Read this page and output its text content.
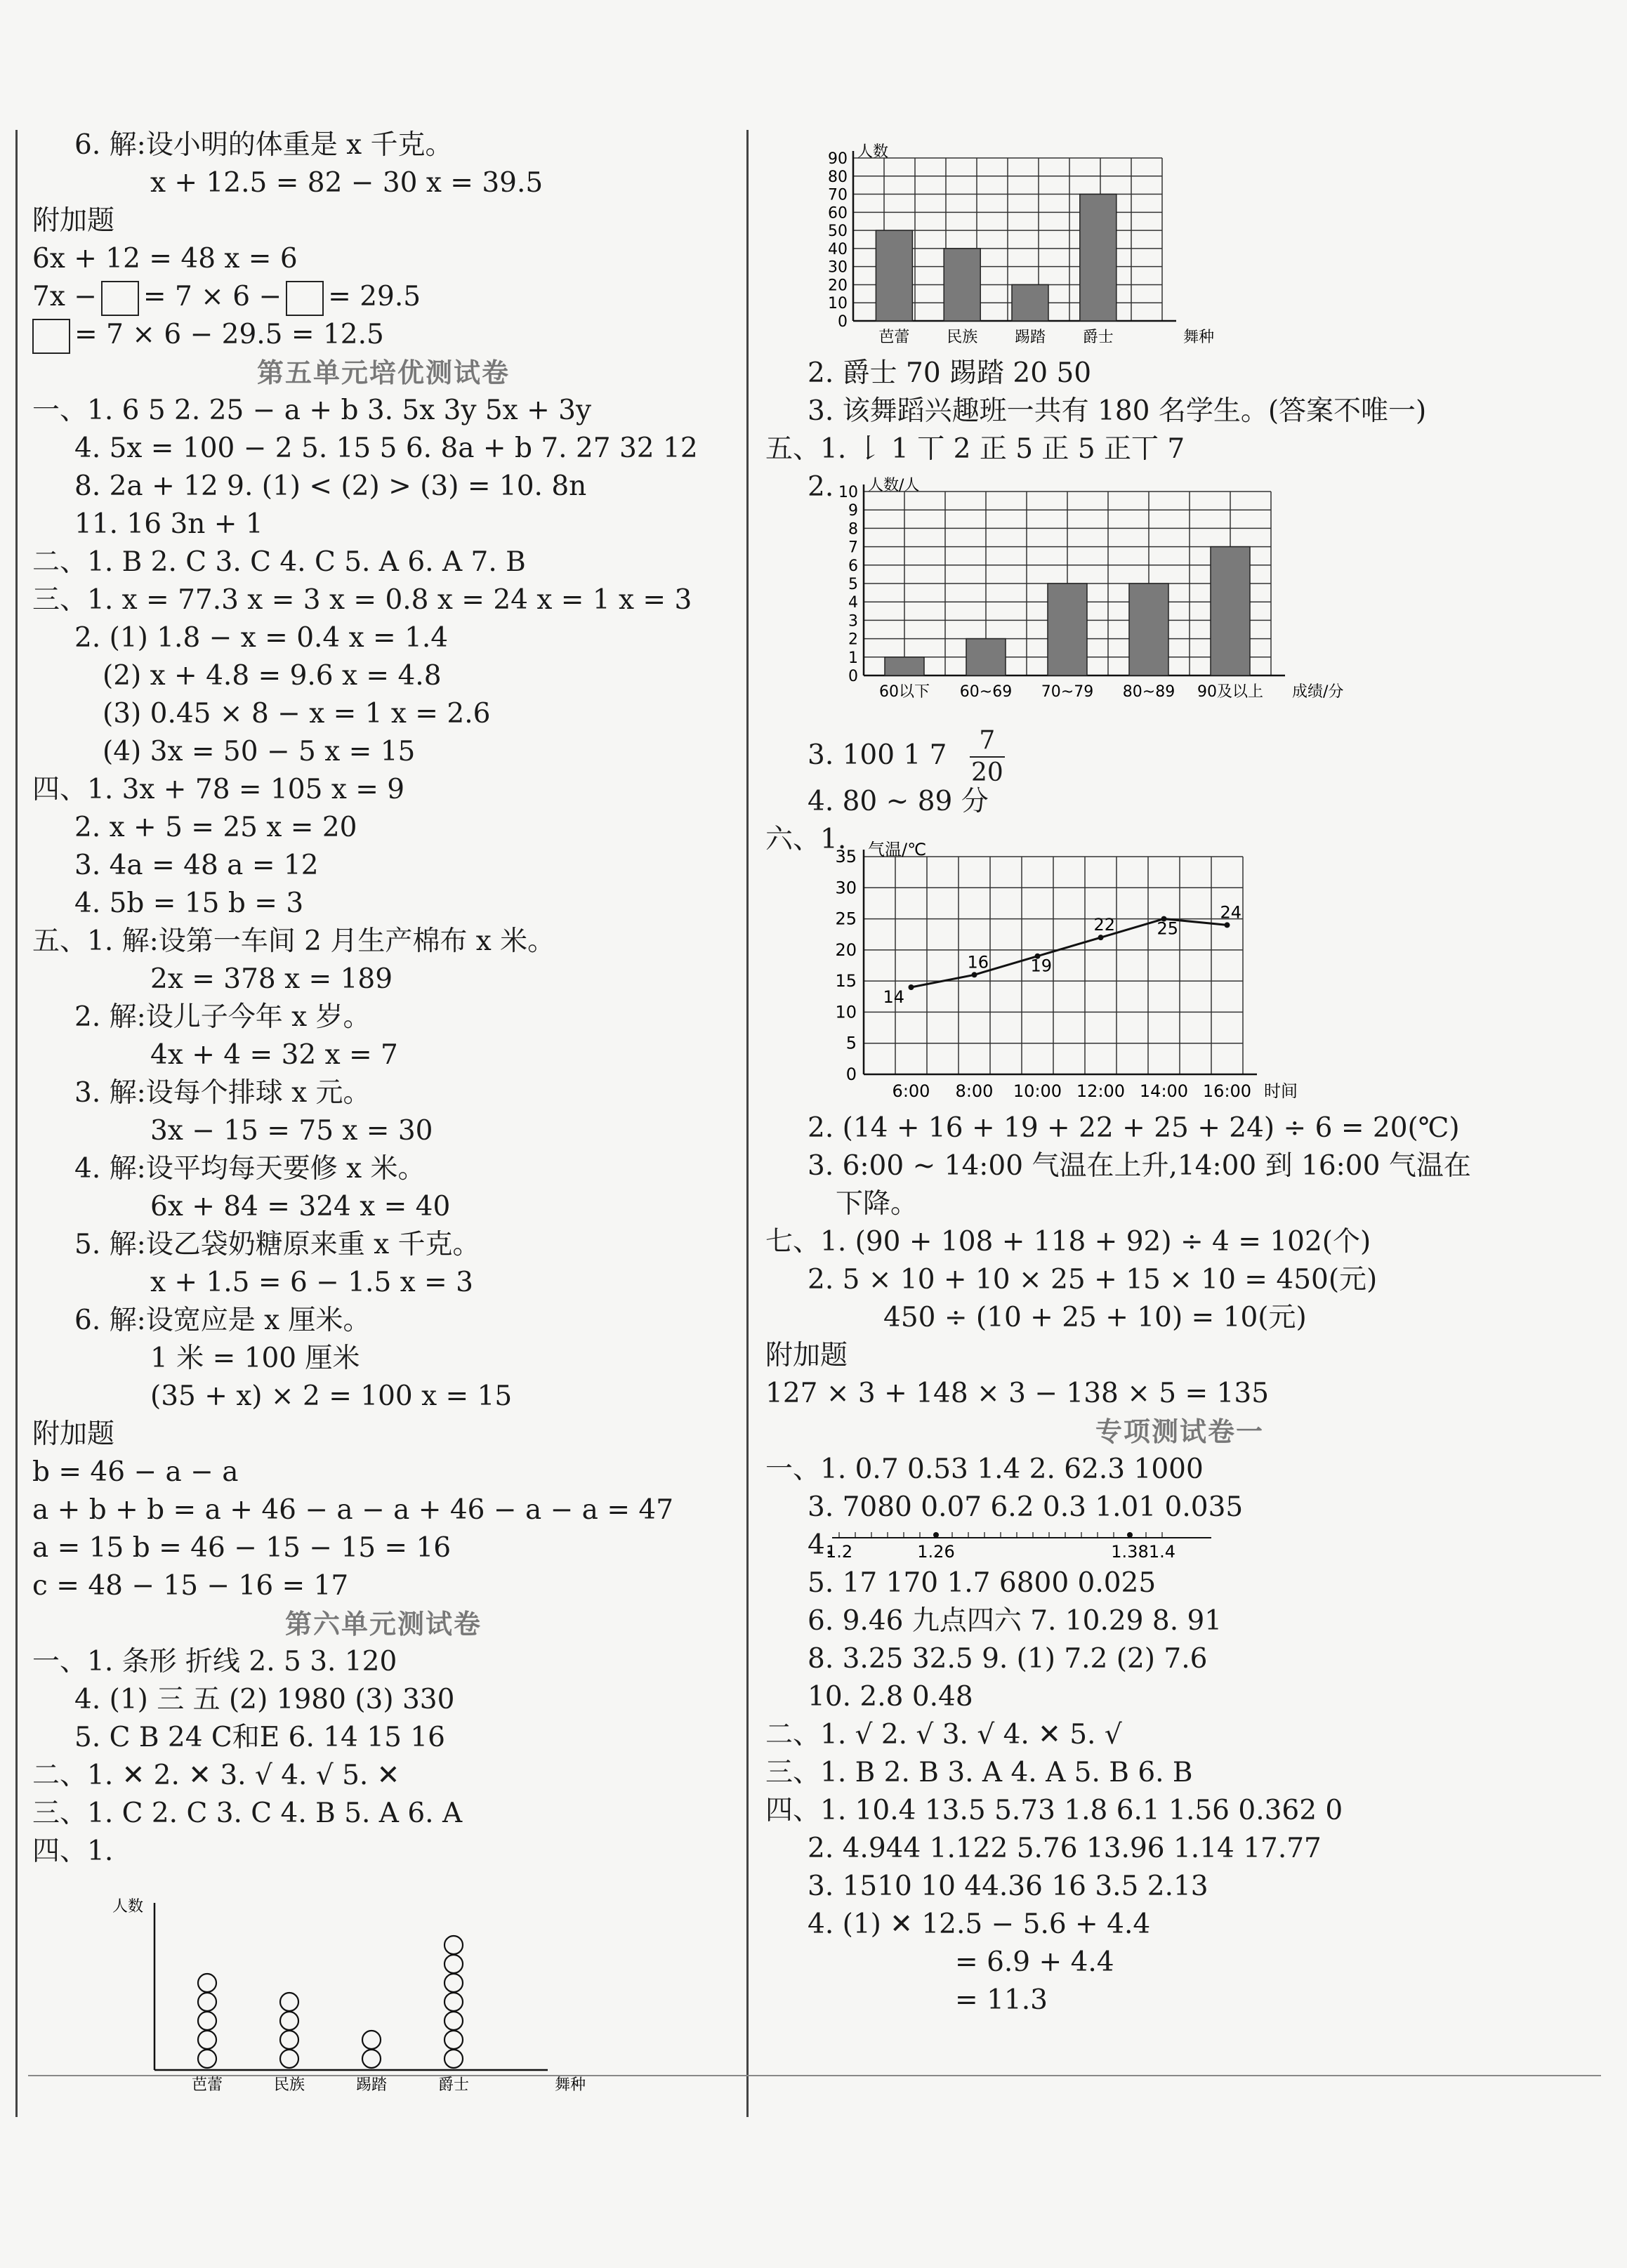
6. 解:设小明的体重是 x 千克。
x + 12.5 = 82 − 30 x = 39.5
附加题
6x + 12 = 48 x = 6
7x − = 7 × 6 − = 29.5
= 7 × 6 − 29.5 = 12.5
第五单元培优测试卷
一、1. 6 5 2. 25 − a + b 3. 5x 3y 5x + 3y
4. 5x = 100 − 2 5. 15 5 6. 8a + b 7. 27 32 12
8. 2a + 12 9. (1) < (2) > (3) = 10. 8n
11. 16 3n + 1
二、1. B 2. C 3. C 4. C 5. A 6. A 7. B
三、1. x = 77.3 x = 3 x = 0.8 x = 24 x = 1 x = 3
2. (1) 1.8 − x = 0.4 x = 1.4
(2) x + 4.8 = 9.6 x = 4.8
(3) 0.45 × 8 − x = 1 x = 2.6
(4) 3x = 50 − 5 x = 15
四、1. 3x + 78 = 105 x = 9
2. x + 5 = 25 x = 20
3. 4a = 48 a = 12
4. 5b = 15 b = 3
五、1. 解:设第一车间 2 月生产棉布 x 米。
2x = 378 x = 189
2. 解:设儿子今年 x 岁。
4x + 4 = 32 x = 7
3. 解:设每个排球 x 元。
3x − 15 = 75 x = 30
4. 解:设平均每天要修 x 米。
6x + 84 = 324 x = 40
5. 解:设乙袋奶糖原来重 x 千克。
x + 1.5 = 6 − 1.5 x = 3
6. 解:设宽应是 x 厘米。
1 米 = 100 厘米
(35 + x) × 2 = 100 x = 15
附加题
b = 46 − a − a
a + b + b = a + 46 − a − a + 46 − a − a = 47
a = 15 b = 46 − 15 − 15 = 16
c = 48 − 15 − 16 = 17
第六单元测试卷
一、1. 条形 折线 2. 5 3. 120
4. (1) 三 五 (2) 1980 (3) 330
5. C B 24 C和E 6. 14 15 16
二、1. ✕ 2. ✕ 3. √ 4. √ 5. ✕
三、1. C 2. C 3. C 4. B 5. A 6. A
四、1.
人数
舞种
芭蕾	民族	踢踏	爵士
0
10
20
30
40
50
60
70
80
90 人数
舞种
芭蕾 民族 踢踏 爵士
2. 爵士 70 踢踏 20 50
3. 该舞蹈兴趣班一共有 180 名学生。(答案不唯一)
五、1. 𠄌 1 丅 2 正 5 正 5 正丅 7
2.
0
1
2
3
4
5
6
7
8
9
10 人数/人
成绩/分
60以下 60~69 70~79 80~89 90及以上
3. 100 1 $7 \frac{7}{20}$
4. 80 ~ 89 分
六、1.
0
5
10
15
20
25
30
35 气温/℃
时间
6:00 8:00 10:00 12:00 14:00 16:00
14
16 19
22 25
24
2. (14 + 16 + 19 + 22 + 25 + 24) ÷ 6 = 20(℃)
3. 6:00 ~ 14:00 气温在上升,14:00 到 16:00 气温在
下降。
七、1. (90 + 108 + 118 + 92) ÷ 4 = 102(个)
2. 5 × 10 + 10 × 25 + 15 × 10 = 450(元)
450 ÷ (10 + 25 + 10) = 10(元)
附加题
127 × 3 + 148 × 3 − 138 × 5 = 135
专项测试卷一
一、1. 0.7 0.53 1.4 2. 62.3 1000
3. 7080 0.07 6.2 0.3 1.01 0.035
4.
1.2	1.26	1.38 1.4
5. 17 170 1.7 6800 0.025
6. 9.46 九点四六 7. 10.29 8. 91
8. 3.25 32.5 9. (1) 7.2 (2) 7.6
10. 2.8 0.48
二、1. √ 2. √ 3. √ 4. ✕ 5. √
三、1. B 2. B 3. A 4. A 5. B 6. B
四、1. 10.4 13.5 5.73 1.8 6.1 1.56 0.362 0
2. 4.944 1.122 5.76 13.96 1.14 17.77
3. 1510 10 44.36 16 3.5 2.13
4. (1) ✕ 12.5 − 5.6 + 4.4
= 6.9 + 4.4
= 11.3
